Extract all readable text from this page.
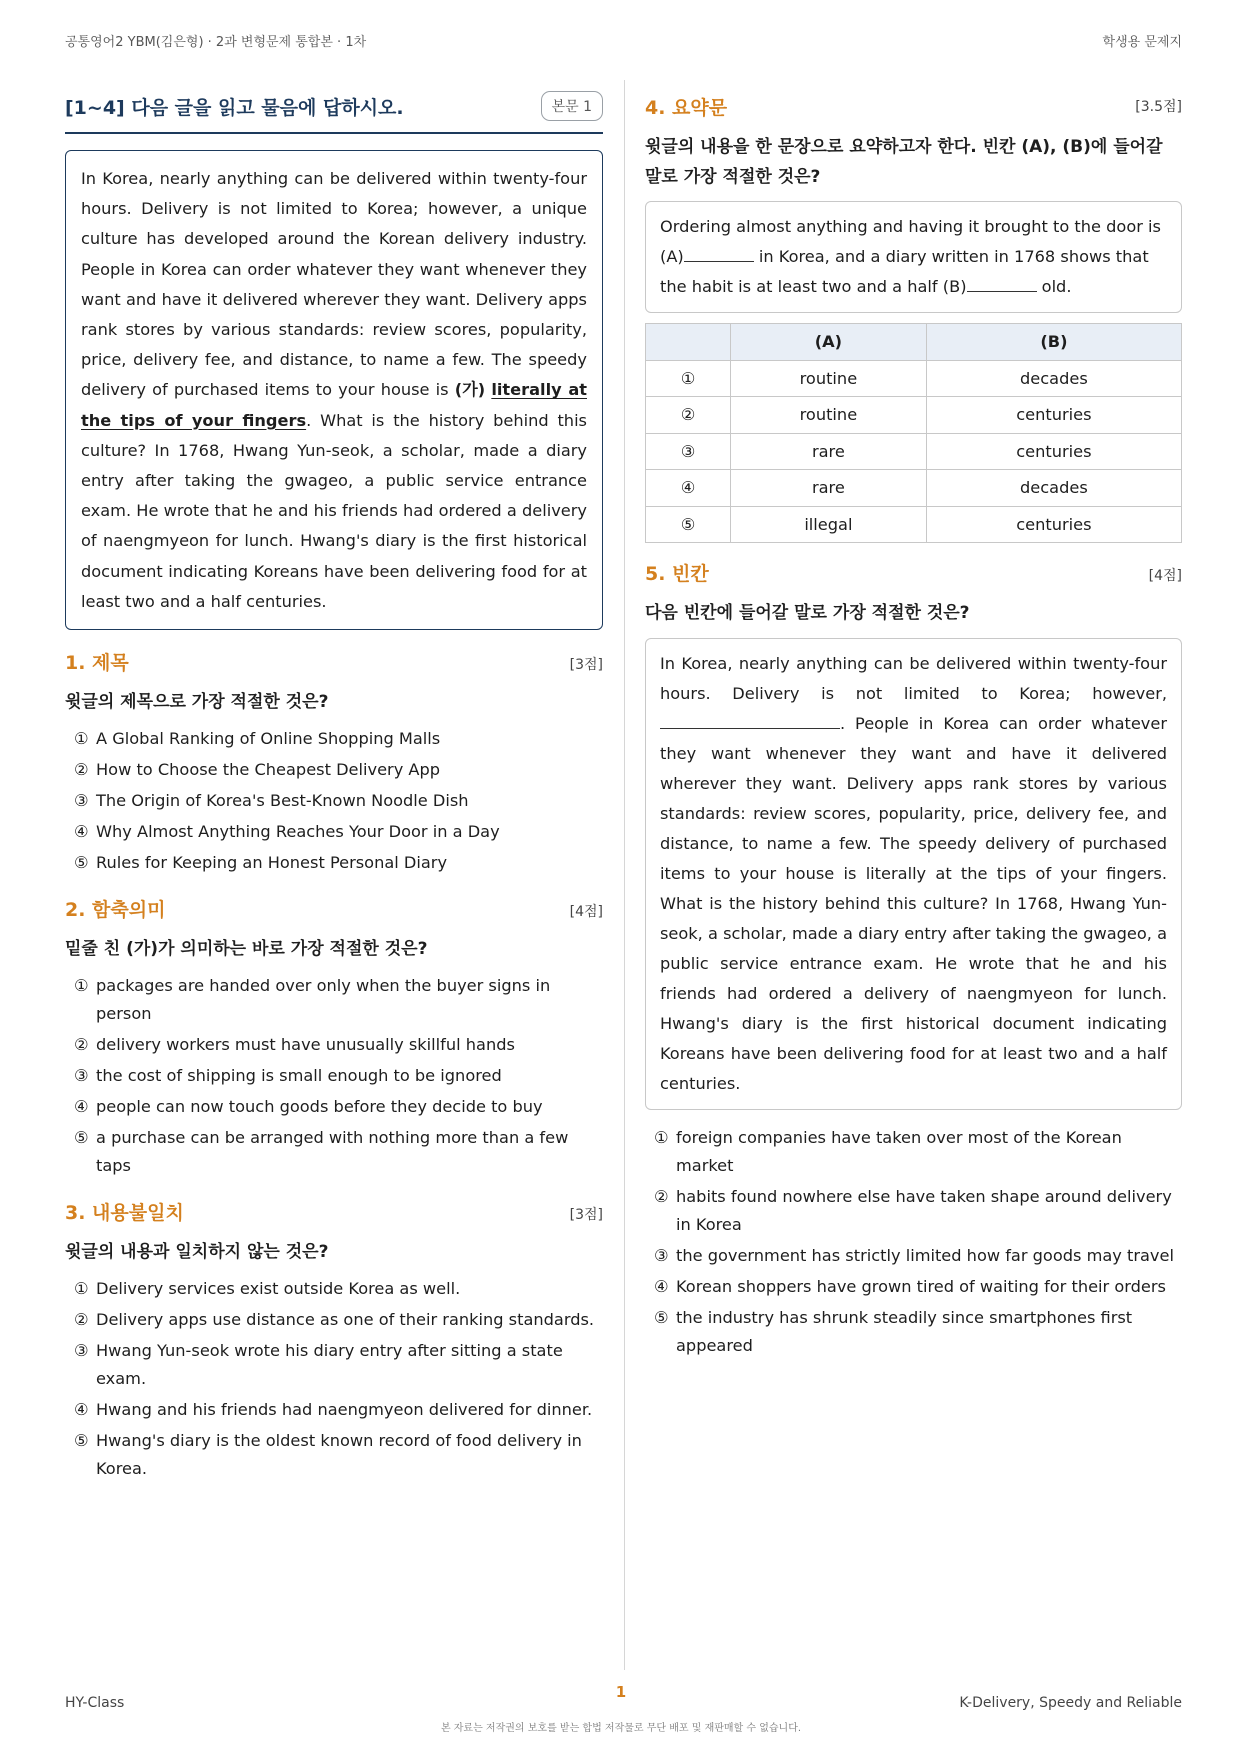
공통영어2 YBM(김은형) · 2과 변형문제 통합본 · 1차	학생용 문제지
[1~4] 다음 글을 읽고 물음에 답하시오.	본문 1
In Korea, nearly anything can be delivered within twenty-four hours. Delivery is not limited to Korea; however, a unique culture has developed around the Korean delivery industry. People in Korea can order whatever they want whenever they want and have it delivered wherever they want. Delivery apps rank stores by various standards: review scores, popularity, price, delivery fee, and distance, to name a few. The speedy delivery of purchased items to your house is (가) literally at the tips of your fingers. What is the history behind this culture? In 1768, Hwang Yun-seok, a scholar, made a diary entry after taking the gwageo, a public service entrance exam. He wrote that he and his friends had ordered a delivery of naengmyeon for lunch. Hwang's diary is the first historical document indicating Koreans have been delivering food for at least two and a half centuries.
1. 제목	[3점]
윗글의 제목으로 가장 적절한 것은?
① A Global Ranking of Online Shopping Malls
② How to Choose the Cheapest Delivery App
③ The Origin of Korea's Best-Known Noodle Dish
④ Why Almost Anything Reaches Your Door in a Day
⑤ Rules for Keeping an Honest Personal Diary
2. 함축의미	[4점]
밑줄 친 (가)가 의미하는 바로 가장 적절한 것은?
① packages are handed over only when the buyer signs in person
② delivery workers must have unusually skillful hands
③ the cost of shipping is small enough to be ignored
④ people can now touch goods before they decide to buy
⑤ a purchase can be arranged with nothing more than a few taps
3. 내용불일치	[3점]
윗글의 내용과 일치하지 않는 것은?
① Delivery services exist outside Korea as well.
② Delivery apps use distance as one of their ranking standards.
③ Hwang Yun-seok wrote his diary entry after sitting a state exam.
④ Hwang and his friends had naengmyeon delivered for dinner.
⑤ Hwang's diary is the oldest known record of food delivery in Korea.
4. 요약문	[3.5점]
윗글의 내용을 한 문장으로 요약하고자 한다. 빈칸 (A), (B)에 들어갈 말로 가장 적절한 것은?
Ordering almost anything and having it brought to the door is (A)	in Korea, and a diary written in 1768 shows that the habit is at least two and a half (B)	old.
	(A)	(B)
①	routine	decades
②	routine	centuries
③	rare	centuries
④	rare	decades
⑤	illegal	centuries
5. 빈칸	[4점]
다음 빈칸에 들어갈 말로 가장 적절한 것은?
In Korea, nearly anything can be delivered within twenty-four hours. Delivery is not limited to Korea; however, . People in Korea can order whatever they want whenever they want and have it delivered wherever they want. Delivery apps rank stores by various standards: review scores, popularity, price, delivery fee, and distance, to name a few. The speedy delivery of purchased items to your house is literally at the tips of your fingers. What is the history behind this culture? In 1768, Hwang Yun-seok, a scholar, made a diary entry after taking the gwageo, a public service entrance exam. He wrote that he and his friends had ordered a delivery of naengmyeon for lunch. Hwang's diary is the first historical document indicating Koreans have been delivering food for at least two and a half centuries.
① foreign companies have taken over most of the Korean market
② habits found nowhere else have taken shape around delivery in Korea
③ the government has strictly limited how far goods may travel
④ Korean shoppers have grown tired of waiting for their orders
⑤ the industry has shrunk steadily since smartphones first appeared
HY-Class
1
K-Delivery, Speedy and Reliable
본 자료는 저작권의 보호를 받는 합법 저작물로 무단 배포 및 재판매할 수 없습니다.
